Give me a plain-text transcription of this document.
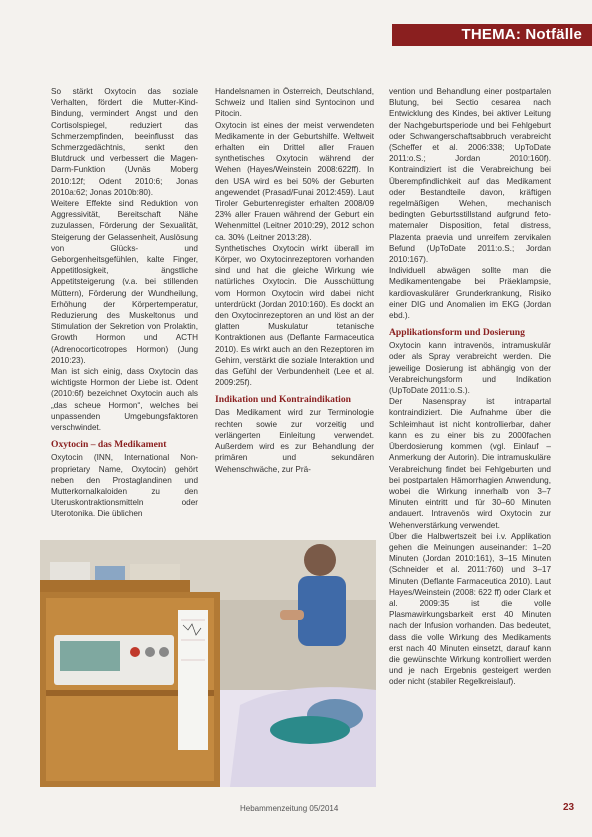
THEMA: Notfälle

So stärkt Oxytocin das soziale Verhalten, fördert die Mutter-Kind-Bindung, vermindert Angst und den Cortisolspiegel, reduziert das Schmerzempfinden, beeinflusst das Schmerzgedächtnis, senkt den Blutdruck und verbessert die Magen-Darm-Funktion (Uvnäs Moberg 2010:12f; Odent 2010:6; Jonas 2010a:62; Jonas 2010b:80).

Weitere Effekte sind Reduktion von Aggressivität, Bereitschaft Nähe zuzulassen, Förderung der Sexualität, Steigerung der Gelassenheit, Auslösung von Glücks- und Geborgenheitsgefühlen, kalte Finger, Appetitlosigkeit, ängstliche Appetitsteigerung (v.a. bei stillenden Müttern), Förderung der Wundheilung, Erhöhung der Körpertemperatur, Reduzierung des Muskeltonus und Stimulation der Sekretion von Prolaktin, Growth Hormon und ACTH (Adrenocorticotropes Hormon) (Jung 2010:23).

Man ist sich einig, dass Oxytocin das wichtigste Hormon der Liebe ist. Odent (2010:6f) bezeichnet Oxytocin auch als „das scheue Hormon“, welches bei unpassenden Umgebungsfaktoren verschwindet.

Oxytocin – das Medikament

Oxytocin (INN, International Non-proprietary Name, Oxytocin) gehört neben den Prostaglandinen und Mutterkornalkaloiden zu den Uteruskontraktionsmitteln oder Uterotonika. Die üblichen

Handelsnamen in Österreich, Deutschland, Schweiz und Italien sind Syntocinon und Pitocin.

Oxytocin ist eines der meist verwendeten Medikamente in der Geburtshilfe. Weltweit erhalten ein Drittel aller Frauen synthetisches Oxytocin während der Wehen (Hayes/Weinstein 2008:622ff). In den USA wird es bei 50% der Geburten angewendet (Prasad/Funai 2012:459). Laut Tiroler Geburtenregister erhalten 2008/09 23% aller Frauen während der Geburt ein Wehenmittel (Leitner 2010:29), 2012 schon ca. 30% (Leitner 2013:28).

Synthetisches Oxytocin wirkt überall im Körper, wo Oxytocinrezeptoren vorhanden sind und hat die gleiche Wirkung wie natürliches Oxytocin. Die Ausschüttung vom Hormon Oxytocin wird dabei nicht unterdrückt (Jordan 2010:160). Es dockt an den Oxytocinrezeptoren an und löst an der glatten Muskulatur tetanische Kontraktionen aus (Deflante Farmaceutica 2010). Es wirkt auch an den Rezeptoren im Gehirn, verstärkt die soziale Interaktion und das Gefühl der Verbundenheit (Lee et al. 2009:25f).

Indikation und Kontraindikation

Das Medikament wird zur Terminologie rechten sowie zur vorzeitig und verlängerten Einleitung verwendet. Außerdem wird es zur Behandlung der primären und sekundären Wehenschwäche, zur Prä-

vention und Behandlung einer postpartalen Blutung, bei Sectio cesarea nach Entwicklung des Kindes, bei aktiver Leitung der Nachgeburtsperiode und bei Fehlgeburt oder Schwangerschaftsabbruch verabreicht (Scheffer et al. 2006:338; UpToDate 2011:o.S.; Jordan 2010:160f). Kontraindiziert ist die Verabreichung bei Überempfindlichkeit auf das Medikament oder Bestandteile davon, kräftigen regelmäßigen Wehen, mechanisch bedingten Geburtsstillstand aufgrund feto-maternaler Disposition, fetal distress, Plazenta praevia und unreifem zervikalen Befund (UpToDate 2011:o.S.; Jordan 2010:167).

Individuell abwägen sollte man die Medikamentengabe bei Präeklampsie, kardiovaskulärer Grunderkrankung, Risiko einer DIG und Anomalien im EKG (Jordan ebd.).

Applikationsform und Dosierung

Oxytocin kann intravenös, intramuskulär oder als Spray verabreicht werden. Die jeweilige Dosierung ist abhängig von der Verabreichungsform und Indikation (UpToDate 2011:o.S.).

Der Nasenspray ist intrapartal kontraindiziert. Die Aufnahme über die Schleimhaut ist nicht kontrollierbar, daher kann es zu einer bis zu 2000fachen Überdosierung kommen (vgl. Einlauf – Anmerkung der Autorin). Die intramuskuläre Verabreichung findet bei Fehlgeburten und bei postpartalen Hämorrhagien Anwendung, wobei die Wirkung innerhalb von 3–7 Minuten eintritt und für 30–60 Minuten andauert. Intravenös wird Oxytocin zur Wehenverstärkung verwendet.

Über die Halbwertszeit bei i.v. Applikation gehen die Meinungen auseinander: 1–20 Minuten (Jordan 2010:161), 3–15 Minuten (Schneider et al. 2011:760) und 3–17 Minuten (Deflante Farmaceutica 2010). Laut Hayes/Weinstein (2008: 622 ff) oder Clark et al. 2009:35 ist die volle Plasmawirkungsbarkeit erst 40 Minuten nach der Infusion vorhanden. Das bedeutet, dass die volle Wirkung des Medikaments erst nach 40 Minuten einsetzt, darauf kann die gewünschte Wirkung kontrolliert werden und je nach Ergebnis gesteigert werden oder nicht (stabiler Regelkreislauf).

Hebammenzeitung 05/2014	23
